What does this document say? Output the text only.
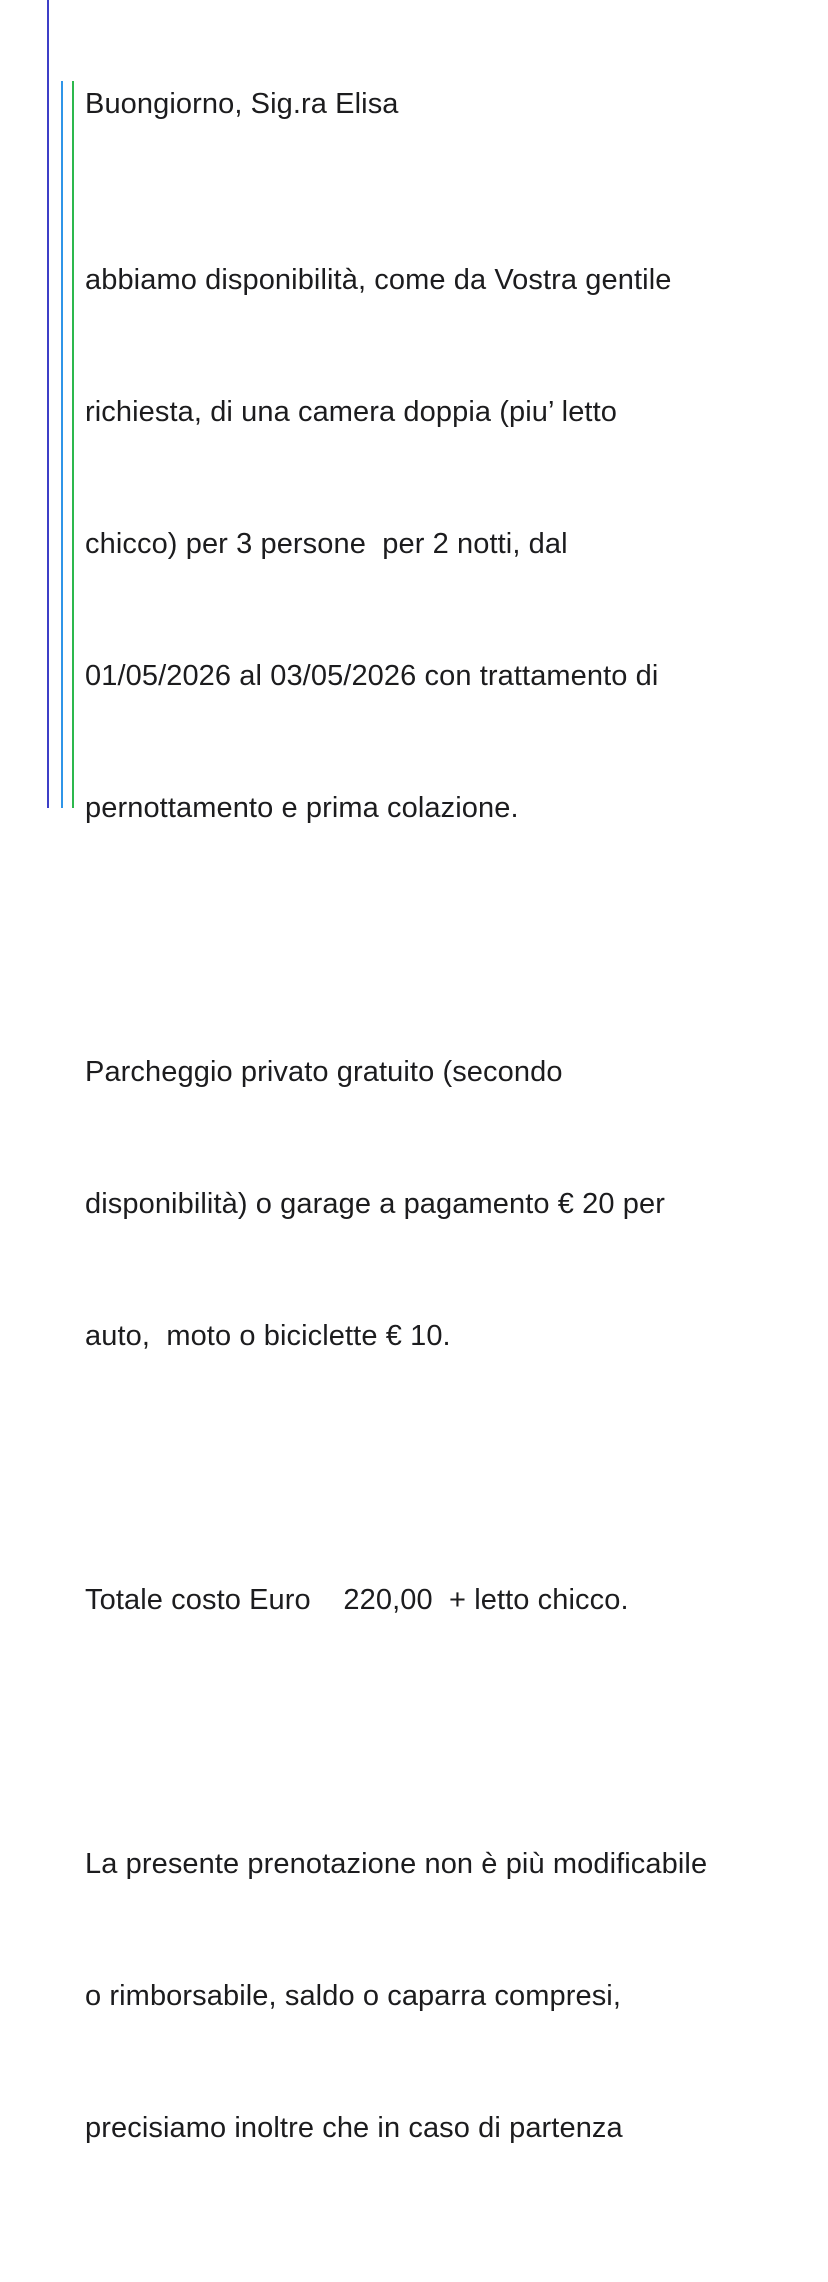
Buongiorno, Sig.ra Elisa

abbiamo disponibilità, come da Vostra gentile

richiesta, di una camera doppia (piu’ letto

chicco) per 3 persone  per 2 notti, dal

01/05/2026 al 03/05/2026 con trattamento di

pernottamento e prima colazione.

Parcheggio privato gratuito (secondo

disponibilità) o garage a pagamento € 20 per

auto,  moto o biciclette € 10.

Totale costo Euro    220,00  + letto chicco.

La presente prenotazione non è più modificabile

o rimborsabile, saldo o caparra compresi,

precisiamo inoltre che in caso di partenza
